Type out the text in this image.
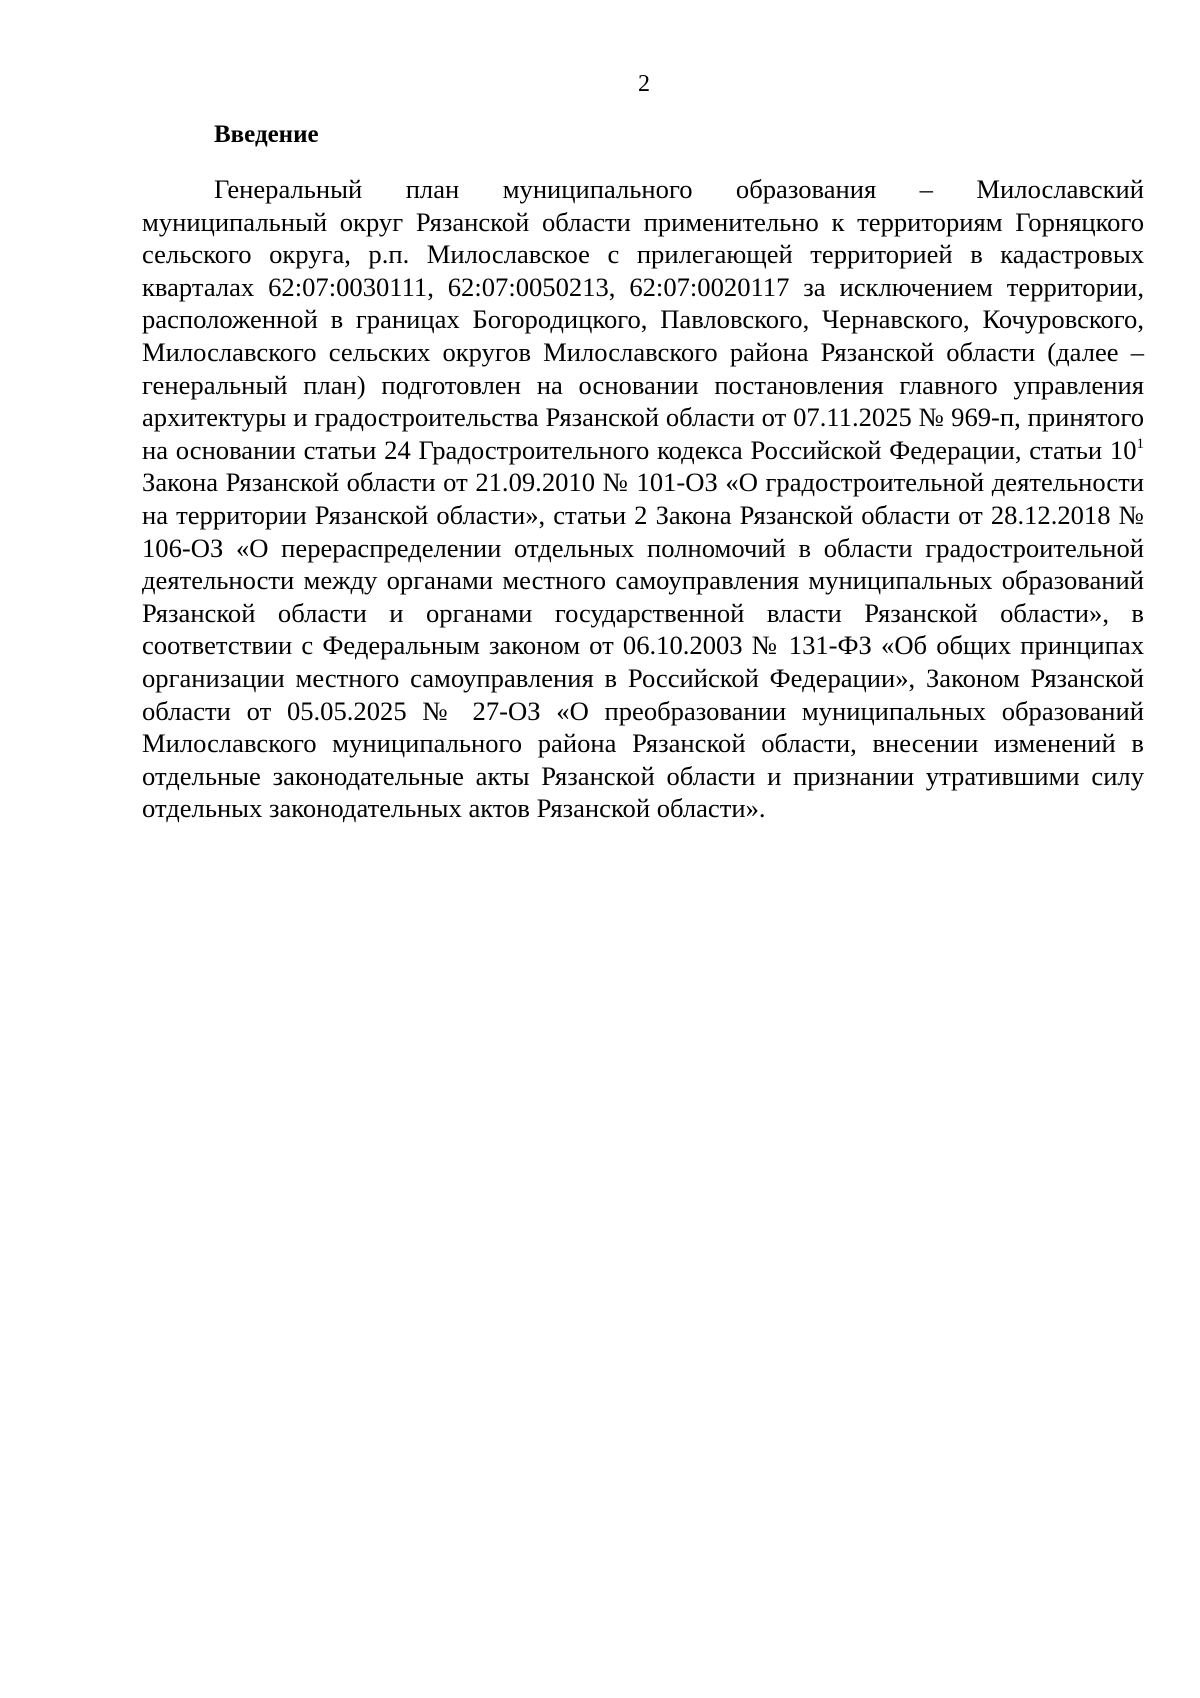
2
Введение

Генеральный план муниципального образования – Милославский муниципальный округ Рязанской области применительно к территориям Горняцкого сельского округа, р.п. Милославское с прилегающей территорией в кадастровых кварталах 62:07:0030111, 62:07:0050213, 62:07:0020117 за исключением территории, расположенной в границах Богородицкого, Павловского, Чернавского, Кочуровского, Милославского сельских округов Милославского района Рязанской области (далее – генеральный план) подготовлен на основании постановления главного управления архитектуры и градостроительства Рязанской области от 07.11.2025 № 969-п, принятого на основании статьи 24 Градостроительного кодекса Российской Федерации, статьи $10^1$ Закона Рязанской области от 21.09.2010 № 101-ОЗ «О градостроительной деятельности на территории Рязанской области», статьи 2 Закона Рязанской области от 28.12.2018 № 106-ОЗ «О перераспределении отдельных полномочий в области градостроительной деятельности между органами местного самоуправления муниципальных образований Рязанской области и органами государственной власти Рязанской области», в соответствии с Федеральным законом от 06.10.2003 № 131-ФЗ «Об общих принципах организации местного самоуправления в Российской Федерации», Законом Рязанской области от 05.05.2025 № 27-ОЗ «О преобразовании муниципальных образований Милославского муниципального района Рязанской области, внесении изменений в отдельные законодательные акты Рязанской области и признании утратившими силу отдельных законодательных актов Рязанской области».
